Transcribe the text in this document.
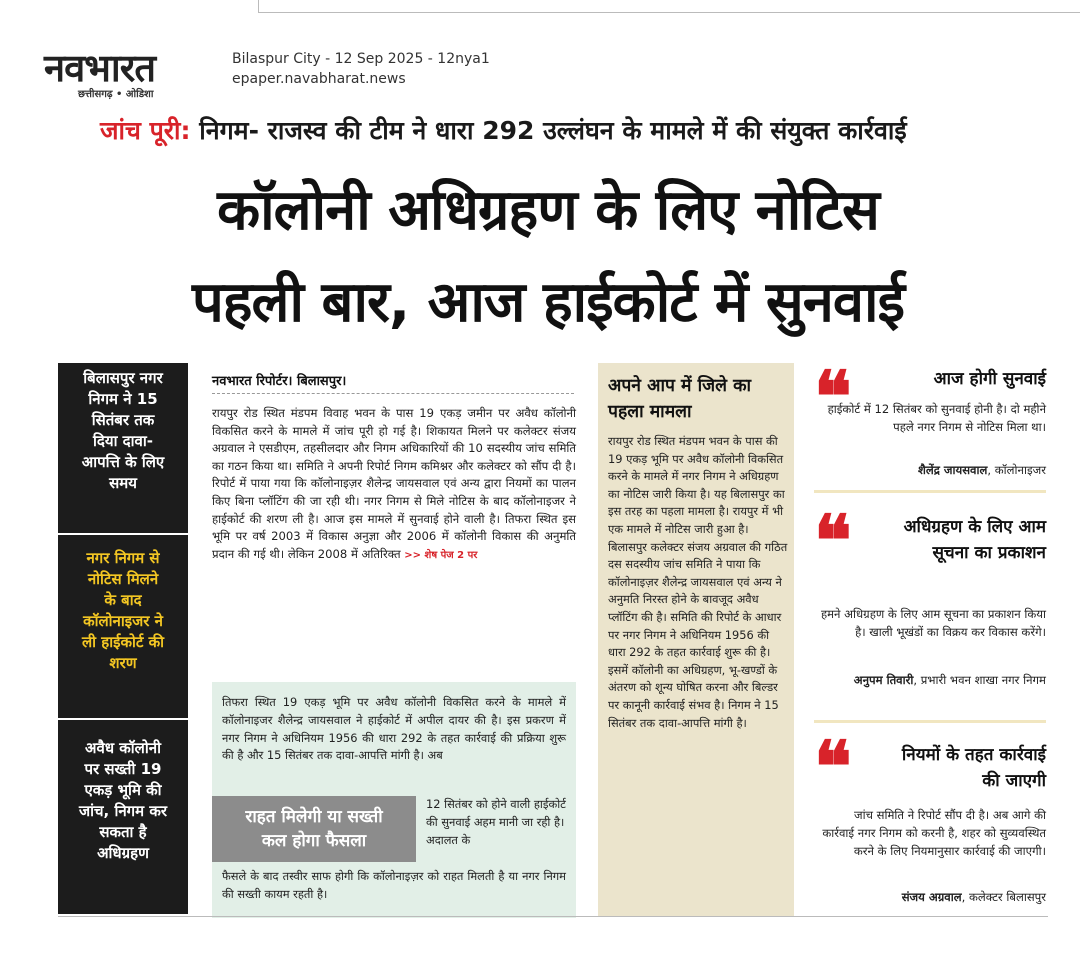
नवभारत
छत्तीसगढ़ • ओडिशा
Bilaspur City - 12 Sep 2025 - 12nya1
epaper.navabharat.news
जांच पूरी: निगम- राजस्व की टीम ने धारा 292 उल्लंघन के मामले में की संयुक्त कार्रवाई
कॉलोनी अधिग्रहण के लिए नोटिस
पहली बार, आज हाईकोर्ट में सुनवाई
बिलासपुर नगर
निगम ने 15
सितंबर तक
दिया दावा-
आपत्ति के लिए
समय
नगर निगम से
नोटिस मिलने
के बाद
कॉलोनाइजर ने
ली हाईकोर्ट की
शरण
अवैध कॉलोनी
पर सख्ती 19
एकड़ भूमि की
जांच, निगम कर
सकता है
अधिग्रहण
नवभारत रिपोर्टर। बिलासपुर।
रायपुर रोड स्थित मंडपम विवाह भवन के पास 19 एकड़ जमीन पर अवैध कॉलोनी विकसित करने के मामले में जांच पूरी हो गई है। शिकायत मिलने पर कलेक्टर संजय अग्रवाल ने एसडीएम, तहसीलदार और निगम अधिकारियों की 10 सदस्यीय जांच समिति का गठन किया था। समिति ने अपनी रिपोर्ट निगम कमिश्नर और कलेक्टर को सौंप दी है। रिपोर्ट में पाया गया कि कॉलोनाइज़र शैलेन्द्र जायसवाल एवं अन्य द्वारा नियमों का पालन किए बिना प्लॉटिंग की जा रही थी। नगर निगम से मिले नोटिस के बाद कॉलोनाइजर ने हाईकोर्ट की शरण ली है। आज इस मामले में सुनवाई होने वाली है। तिफरा स्थित इस भूमि पर वर्ष 2003 में विकास अनुज्ञा और 2006 में कॉलोनी विकास की अनुमति प्रदान की गई थी। लेकिन 2008 में अतिरिक्त >> शेष पेज 2 पर
तिफरा स्थित 19 एकड़ भूमि पर अवैध कॉलोनी विकसित करने के मामले में कॉलोनाइजर शैलेन्द्र जायसवाल ने हाईकोर्ट में अपील दायर की है। इस प्रकरण में नगर निगम ने अधिनियम 1956 की धारा 292 के तहत कार्रवाई की प्रक्रिया शुरू की है और 15 सितंबर तक दावा-आपत्ति मांगी है। अब
राहत मिलेगी या सख्ती
कल होगा फैसला
12 सितंबर को होने वाली हाईकोर्ट की सुनवाई अहम मानी जा रही है। अदालत के
फैसले के बाद तस्वीर साफ होगी कि कॉलोनाइज़र को राहत मिलती है या नगर निगम की सख्ती कायम रहती है।
अपने आप में जिले का पहला मामला
रायपुर रोड स्थित मंडपम भवन के पास की 19 एकड़ भूमि पर अवैध कॉलोनी विकसित करने के मामले में नगर निगम ने अधिग्रहण का नोटिस जारी किया है। यह बिलासपुर का इस तरह का पहला मामला है। रायपुर में भी एक मामले में नोटिस जारी हुआ है। बिलासपुर कलेक्टर संजय अग्रवाल की गठित दस सदस्यीय जांच समिति ने पाया कि कॉलोनाइज़र शैलेन्द्र जायसवाल एवं अन्य ने अनुमति निरस्त होने के बावजूद अवैध प्लॉटिंग की है। समिति की रिपोर्ट के आधार पर नगर निगम ने अधिनियम 1956 की धारा 292 के तहत कार्रवाई शुरू की है। इसमें कॉलोनी का अधिग्रहण, भू-खण्डों के अंतरण को शून्य घोषित करना और बिल्डर पर कानूनी कार्रवाई संभव है। निगम ने 15 सितंबर तक दावा-आपत्ति मांगी है।
❝	आज होगी सुनवाई
हाईकोर्ट में 12 सितंबर को सुनवाई होनी है। दो महीने पहले नगर निगम से नोटिस मिला था।
शैलेंद्र जायसवाल, कॉलोनाइजर
❝	अधिग्रहण के लिए आम सूचना का प्रकाशन
हमने अधिग्रहण के लिए आम सूचना का प्रकाशन किया है। खाली भूखंडों का विक्रय कर विकास करेंगे।
अनुपम तिवारी, प्रभारी भवन शाखा नगर निगम
❝	नियमों के तहत कार्रवाई की जाएगी
जांच समिति ने रिपोर्ट सौंप दी है। अब आगे की कार्रवाई नगर निगम को करनी है, शहर को सुव्यवस्थित करने के लिए नियमानुसार कार्रवाई की जाएगी।
संजय अग्रवाल, कलेक्टर बिलासपुर
